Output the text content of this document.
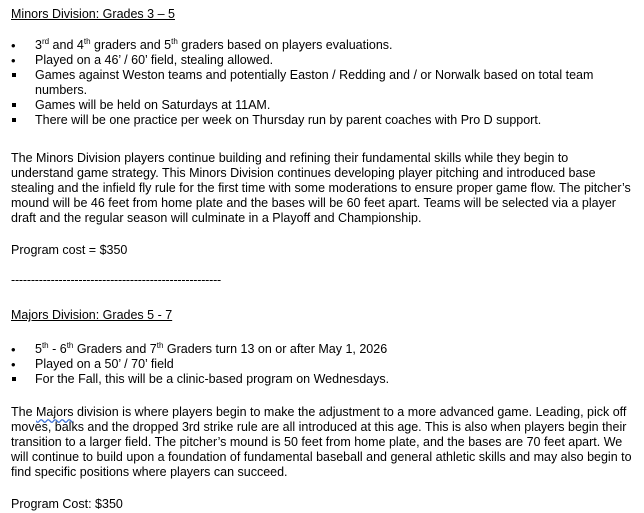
Minors Division: Grades 3 – 5
•
3rd and 4th graders and 5th graders based on players evaluations.
•
Played on a 46’ / 60’ field, stealing allowed.
Games against Weston teams and potentially Easton / Redding and / or Norwalk based on total team numbers.
Games will be held on Saturdays at 11AM.
There will be one practice per week on Thursday run by parent coaches with Pro D support.

The Minors Division players continue building and refining their fundamental skills while they begin to understand game strategy. This Minors Division continues developing player pitching and introduced base stealing and the infield fly rule for the first time with some moderations to ensure proper game flow. The pitcher’s mound will be 46 feet from home plate and the bases will be 60 feet apart. Teams will be selected via a player draft and the regular season will culminate in a Playoff and Championship.

Program cost = $350

-----------------------------------------------------

Majors Division: Grades 5 - 7
•
5th - 6th Graders and 7th Graders turn 13 on or after May 1, 2026
•
Played on a 50’ / 70’ field
For the Fall, this will be a clinic-based program on Wednesdays.

The Majors division is where players begin to make the adjustment to a more advanced game. Leading, pick off moves, balks and the dropped 3rd strike rule are all introduced at this age. This is also when players begin their transition to a larger field. The pitcher’s mound is 50 feet from home plate, and the bases are 70 feet apart. We will continue to build upon a foundation of fundamental baseball and general athletic skills and may also begin to find specific positions where players can succeed.

Program Cost: $350
